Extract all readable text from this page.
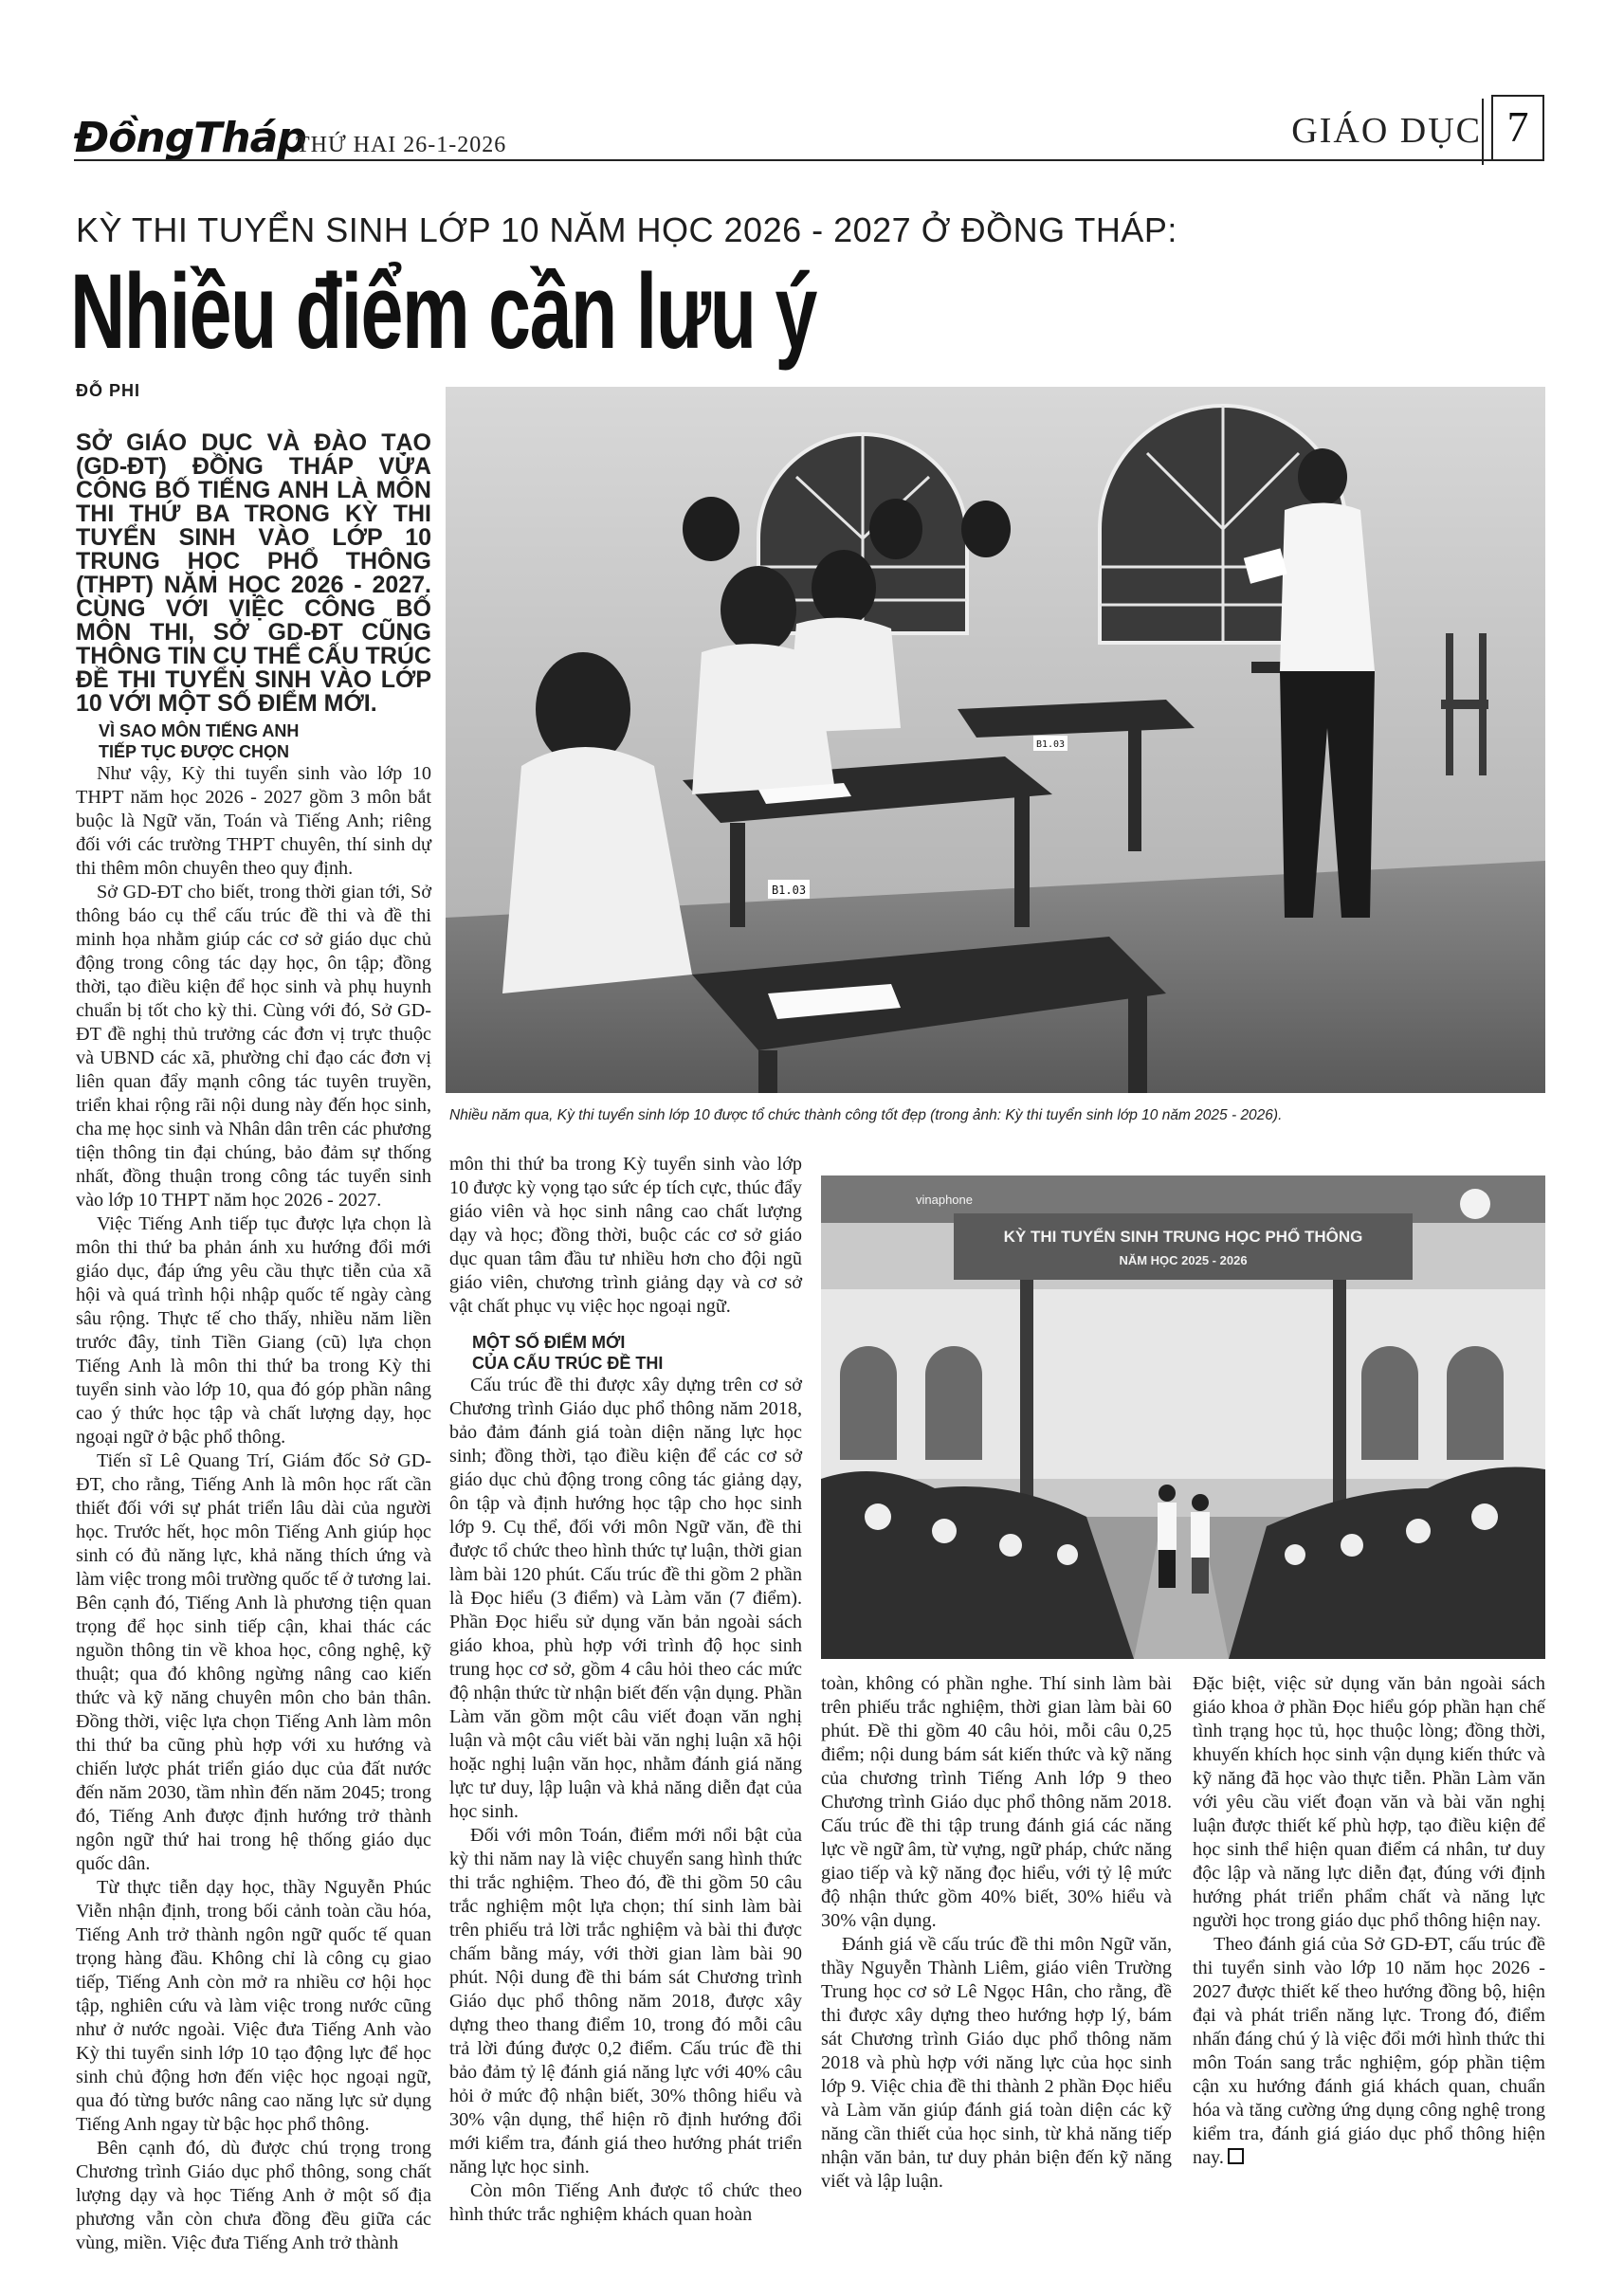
ĐồngTháp
THỨ HAI 26-1-2026	GIÁO DỤC 7
KỲ THI TUYỂN SINH LỚP 10 NĂM HỌC 2026 - 2027 Ở ĐỒNG THÁP:
Nhiều điểm cần lưu ý
ĐỖ PHI
SỞ GIÁO DỤC VÀ ĐÀO TẠO (GD-ĐT) ĐỒNG THÁP VỪA CÔNG BỐ TIẾNG ANH LÀ MÔN THI THỨ BA TRONG KỲ THI TUYỂN SINH VÀO LỚP 10 TRUNG HỌC PHỔ THÔNG (THPT) NĂM HỌC 2026 - 2027. CÙNG VỚI VIỆC CÔNG BỐ MÔN THI, SỞ GD-ĐT CŨNG THÔNG TIN CỤ THỂ CẤU TRÚC ĐỀ THI TUYỂN SINH VÀO LỚP 10 VỚI MỘT SỐ ĐIỂM MỚI.
B1.03
B1.03
Nhiều năm qua, Kỳ thi tuyển sinh lớp 10 được tổ chức thành công tốt đẹp (trong ảnh: Kỳ thi tuyển sinh lớp 10 năm 2025 - 2026).
KỲ THI TUYỂN SINH TRUNG HỌC PHỔ THÔNG
NĂM HỌC 2025 - 2026
vinaphone
VÌ SAO MÔN TIẾNG ANH
TIẾP TỤC ĐƯỢC CHỌN

Như vậy, Kỳ thi tuyển sinh vào lớp 10 THPT năm học 2026 - 2027 gồm 3 môn bắt buộc là Ngữ văn, Toán và Tiếng Anh; riêng đối với các trường THPT chuyên, thí sinh dự thi thêm môn chuyên theo quy định.

Sở GD-ĐT cho biết, trong thời gian tới, Sở thông báo cụ thể cấu trúc đề thi và đề thi minh họa nhằm giúp các cơ sở giáo dục chủ động trong công tác dạy học, ôn tập; đồng thời, tạo điều kiện để học sinh và phụ huynh chuẩn bị tốt cho kỳ thi. Cùng với đó, Sở GD-ĐT đề nghị thủ trưởng các đơn vị trực thuộc và UBND các xã, phường chỉ đạo các đơn vị liên quan đẩy mạnh công tác tuyên truyền, triển khai rộng rãi nội dung này đến học sinh, cha mẹ học sinh và Nhân dân trên các phương tiện thông tin đại chúng, bảo đảm sự thống nhất, đồng thuận trong công tác tuyển sinh vào lớp 10 THPT năm học 2026 - 2027.

Việc Tiếng Anh tiếp tục được lựa chọn là môn thi thứ ba phản ánh xu hướng đổi mới giáo dục, đáp ứng yêu cầu thực tiễn của xã hội và quá trình hội nhập quốc tế ngày càng sâu rộng. Thực tế cho thấy, nhiều năm liền trước đây, tỉnh Tiền Giang (cũ) lựa chọn Tiếng Anh là môn thi thứ ba trong Kỳ thi tuyển sinh vào lớp 10, qua đó góp phần nâng cao ý thức học tập và chất lượng dạy, học ngoại ngữ ở bậc phổ thông.

Tiến sĩ Lê Quang Trí, Giám đốc Sở GD-ĐT, cho rằng, Tiếng Anh là môn học rất cần thiết đối với sự phát triển lâu dài của người học. Trước hết, học môn Tiếng Anh giúp học sinh có đủ năng lực, khả năng thích ứng và làm việc trong môi trường quốc tế ở tương lai. Bên cạnh đó, Tiếng Anh là phương tiện quan trọng để học sinh tiếp cận, khai thác các nguồn thông tin về khoa học, công nghệ, kỹ thuật; qua đó không ngừng nâng cao kiến thức và kỹ năng chuyên môn cho bản thân. Đồng thời, việc lựa chọn Tiếng Anh làm môn thi thứ ba cũng phù hợp với xu hướng và chiến lược phát triển giáo dục của đất nước đến năm 2030, tầm nhìn đến năm 2045; trong đó, Tiếng Anh được định hướng trở thành ngôn ngữ thứ hai trong hệ thống giáo dục quốc dân.

Từ thực tiễn dạy học, thầy Nguyễn Phúc Viễn nhận định, trong bối cảnh toàn cầu hóa, Tiếng Anh trở thành ngôn ngữ quốc tế quan trọng hàng đầu. Không chỉ là công cụ giao tiếp, Tiếng Anh còn mở ra nhiều cơ hội học tập, nghiên cứu và làm việc trong nước cũng như ở nước ngoài. Việc đưa Tiếng Anh vào Kỳ thi tuyển sinh lớp 10 tạo động lực để học sinh chủ động hơn đến việc học ngoại ngữ, qua đó từng bước nâng cao năng lực sử dụng Tiếng Anh ngay từ bậc học phổ thông.

Bên cạnh đó, dù được chú trọng trong Chương trình Giáo dục phổ thông, song chất lượng dạy và học Tiếng Anh ở một số địa phương vẫn còn chưa đồng đều giữa các vùng, miền. Việc đưa Tiếng Anh trở thành

môn thi thứ ba trong Kỳ tuyển sinh vào lớp 10 được kỳ vọng tạo sức ép tích cực, thúc đẩy giáo viên và học sinh nâng cao chất lượng dạy và học; đồng thời, buộc các cơ sở giáo dục quan tâm đầu tư nhiều hơn cho đội ngũ giáo viên, chương trình giảng dạy và cơ sở vật chất phục vụ việc học ngoại ngữ.

MỘT SỐ ĐIỂM MỚI
CỦA CẤU TRÚC ĐỀ THI

Cấu trúc đề thi được xây dựng trên cơ sở Chương trình Giáo dục phổ thông năm 2018, bảo đảm đánh giá toàn diện năng lực học sinh; đồng thời, tạo điều kiện để các cơ sở giáo dục chủ động trong công tác giảng dạy, ôn tập và định hướng học tập cho học sinh lớp 9. Cụ thể, đối với môn Ngữ văn, đề thi được tổ chức theo hình thức tự luận, thời gian làm bài 120 phút. Cấu trúc đề thi gồm 2 phần là Đọc hiểu (3 điểm) và Làm văn (7 điểm). Phần Đọc hiểu sử dụng văn bản ngoài sách giáo khoa, phù hợp với trình độ học sinh trung học cơ sở, gồm 4 câu hỏi theo các mức độ nhận thức từ nhận biết đến vận dụng. Phần Làm văn gồm một câu viết đoạn văn nghị luận và một câu viết bài văn nghị luận xã hội hoặc nghị luận văn học, nhằm đánh giá năng lực tư duy, lập luận và khả năng diễn đạt của học sinh.

Đối với môn Toán, điểm mới nổi bật của kỳ thi năm nay là việc chuyển sang hình thức thi trắc nghiệm. Theo đó, đề thi gồm 50 câu trắc nghiệm một lựa chọn; thí sinh làm bài trên phiếu trả lời trắc nghiệm và bài thi được chấm bằng máy, với thời gian làm bài 90 phút. Nội dung đề thi bám sát Chương trình Giáo dục phổ thông năm 2018, được xây dựng theo thang điểm 10, trong đó mỗi câu trả lời đúng được 0,2 điểm. Cấu trúc đề thi bảo đảm tỷ lệ đánh giá năng lực với 40% câu hỏi ở mức độ nhận biết, 30% thông hiểu và 30% vận dụng, thể hiện rõ định hướng đổi mới kiểm tra, đánh giá theo hướng phát triển năng lực học sinh.

Còn môn Tiếng Anh được tổ chức theo hình thức trắc nghiệm khách quan hoàn

toàn, không có phần nghe. Thí sinh làm bài trên phiếu trắc nghiệm, thời gian làm bài 60 phút. Đề thi gồm 40 câu hỏi, mỗi câu 0,25 điểm; nội dung bám sát kiến thức và kỹ năng của chương trình Tiếng Anh lớp 9 theo Chương trình Giáo dục phổ thông năm 2018. Cấu trúc đề thi tập trung đánh giá các năng lực về ngữ âm, từ vựng, ngữ pháp, chức năng giao tiếp và kỹ năng đọc hiểu, với tỷ lệ mức độ nhận thức gồm 40% biết, 30% hiểu và 30% vận dụng.

Đánh giá về cấu trúc đề thi môn Ngữ văn, thầy Nguyễn Thành Liêm, giáo viên Trường Trung học cơ sở Lê Ngọc Hân, cho rằng, đề thi được xây dựng theo hướng hợp lý, bám sát Chương trình Giáo dục phổ thông năm 2018 và phù hợp với năng lực của học sinh lớp 9. Việc chia đề thi thành 2 phần Đọc hiểu và Làm văn giúp đánh giá toàn diện các kỹ năng cần thiết của học sinh, từ khả năng tiếp nhận văn bản, tư duy phản biện đến kỹ năng viết và lập luận.

Đặc biệt, việc sử dụng văn bản ngoài sách giáo khoa ở phần Đọc hiểu góp phần hạn chế tình trạng học tủ, học thuộc lòng; đồng thời, khuyến khích học sinh vận dụng kiến thức và kỹ năng đã học vào thực tiễn. Phần Làm văn với yêu cầu viết đoạn văn và bài văn nghị luận được thiết kế phù hợp, tạo điều kiện để học sinh thể hiện quan điểm cá nhân, tư duy độc lập và năng lực diễn đạt, đúng với định hướng phát triển phẩm chất và năng lực người học trong giáo dục phổ thông hiện nay.

Theo đánh giá của Sở GD-ĐT, cấu trúc đề thi tuyển sinh vào lớp 10 năm học 2026 - 2027 được thiết kế theo hướng đồng bộ, hiện đại và phát triển năng lực. Trong đó, điểm nhấn đáng chú ý là việc đổi mới hình thức thi môn Toán sang trắc nghiệm, góp phần tiệm cận xu hướng đánh giá khách quan, chuẩn hóa và tăng cường ứng dụng công nghệ trong kiểm tra, đánh giá giáo dục phổ thông hiện nay.
